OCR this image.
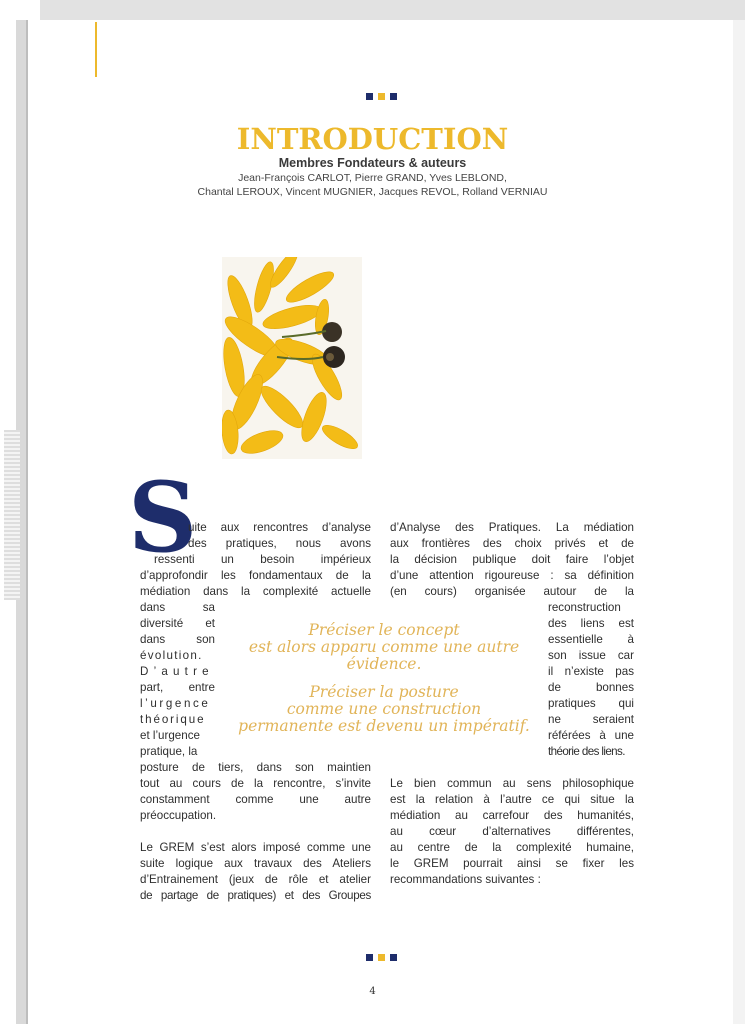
INTRODUCTION
Membres Fondateurs & auteurs
Jean-François CARLOT, Pierre GRAND, Yves LEBLOND,
Chantal LEROUX, Vincent MUGNIER, Jacques REVOL, Rolland VERNIAU
S
uite aux rencontres d’analyse
des pratiques, nous avons
ressenti un besoin impérieux
d’approfondir les fondamentaux de la
médiation dans la complexité actuelle
dans	sa
diversité	et
dans	son
évolution.
D’autre
part,	entre
l’urgence
théorique
et l’urgence
pratique, la
posture de tiers, dans son maintien
tout au cours de la rencontre, s’invite
constamment comme une autre
préoccupation.
Le GREM s’est alors imposé comme une
suite logique aux travaux des Ateliers
d’Entrainement (jeux de rôle et atelier
de partage de pratiques) et des Groupes
d’Analyse des Pratiques. La médiation
aux frontières des choix privés et de
la décision publique doit faire l’objet
d’une attention rigoureuse : sa définition
(en cours) organisée autour de la
reconstruction
des liens est
essentielle à
son issue car
il n’existe pas
de bonnes
pratiques qui
ne seraient
référées à une
théorie des liens.
Le bien commun au sens philosophique
est la relation à l’autre ce qui situe la
médiation au carrefour des humanités,
au cœur d’alternatives différentes,
au centre de la complexité humaine,
le GREM pourrait ainsi se fixer les
recommandations suivantes :
Préciser le concept
est alors apparu comme une autre
évidence.
Préciser la posture
comme une construction
permanente est devenu un impératif.
4
